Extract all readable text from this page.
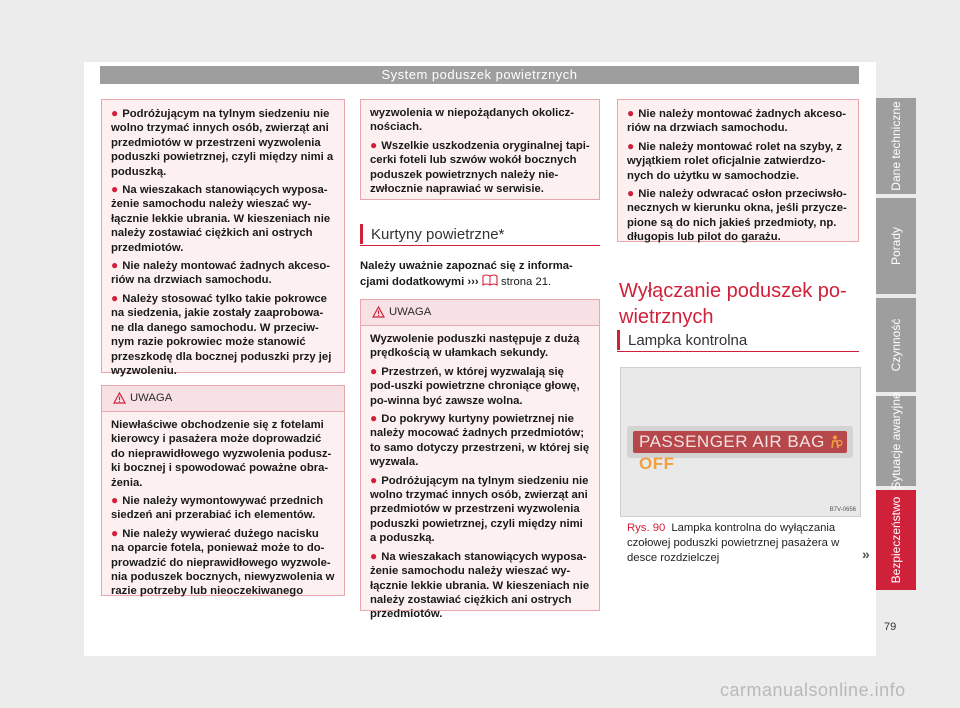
System poduszek powietrznych

● Podróżującym na tylnym siedzeniu nie wolno trzymać innych osób, zwierząt ani przedmiotów w przestrzeni wyzwolenia poduszki powietrznej, czyli między nimi a poduszką.

● Na wieszakach stanowiących wyposa-żenie samochodu należy wieszać wy-łącznie lekkie ubrania. W kieszeniach nie należy zostawiać ciężkich ani ostrych przedmiotów.

● Nie należy montować żadnych akceso-riów na drzwiach samochodu.

● Należy stosować tylko takie pokrowce na siedzenia, jakie zostały zaaprobowa-ne dla danego samochodu. W przeciw-nym razie pokrowiec może stanowić przeszkodę dla bocznej poduszki przy jej wyzwoleniu.

UWAGA

Niewłaściwe obchodzenie się z fotelami kierowcy i pasażera może doprowadzić do nieprawidłowego wyzwolenia podusz-ki bocznej i spowodować poważne obra-żenia.

● Nie należy wymontowywać przednich siedzeń ani przerabiać ich elementów.

● Nie należy wywierać dużego nacisku na oparcie fotela, ponieważ może to do-prowadzić do nieprawidłowego wyzwole-nia poduszek bocznych, niewyzwolenia w razie potrzeby lub nieoczekiwanego

wyzwolenia w niepożądanych okolicz-nościach.

● Wszelkie uszkodzenia oryginalnej tapi-cerki foteli lub szwów wokół bocznych poduszek powietrznych należy nie-zwłocznie naprawiać w serwisie.

Kurtyny powietrzne*
Należy uważnie zapoznać się z informa-cjami dodatkowymi ››› strona 21.
UWAGA

Wyzwolenie poduszki następuje z dużą prędkością w ułamkach sekundy.

● Przestrzeń, w której wyzwalają się pod-uszki powietrzne chroniące głowę, po-winna być zawsze wolna.

● Do pokrywy kurtyny powietrznej nie należy mocować żadnych przedmiotów; to samo dotyczy przestrzeni, w której się wyzwala.

● Podróżującym na tylnym siedzeniu nie wolno trzymać innych osób, zwierząt ani przedmiotów w przestrzeni wyzwolenia poduszki powietrznej, czyli między nimi a poduszką.

● Na wieszakach stanowiących wyposa-żenie samochodu należy wieszać wy-łącznie lekkie ubrania. W kieszeniach nie należy zostawiać ciężkich ani ostrych przedmiotów.

● Nie należy montować żadnych akceso-riów na drzwiach samochodu.

● Nie należy montować rolet na szyby, z wyjątkiem rolet oficjalnie zatwierdzo-nych do użytku w samochodzie.

● Nie należy odwracać osłon przeciwsło-necznych w kierunku okna, jeśli przycze-pione są do nich jakieś przedmioty, np. długopis lub pilot do garażu.

Wyłączanie poduszek po-
wietrznych
Lampka kontrolna
PASSENGER AIR BAG OFF
B7V-0656
Rys. 90 Lampka kontrolna do wyłączania czołowej poduszki powietrznej pasażera w desce rozdzielczej	»
Dane techniczne
Porady
Czynność
Sytuacje awaryjne
Bezpieczeństwo
79
carmanualsonline.info
